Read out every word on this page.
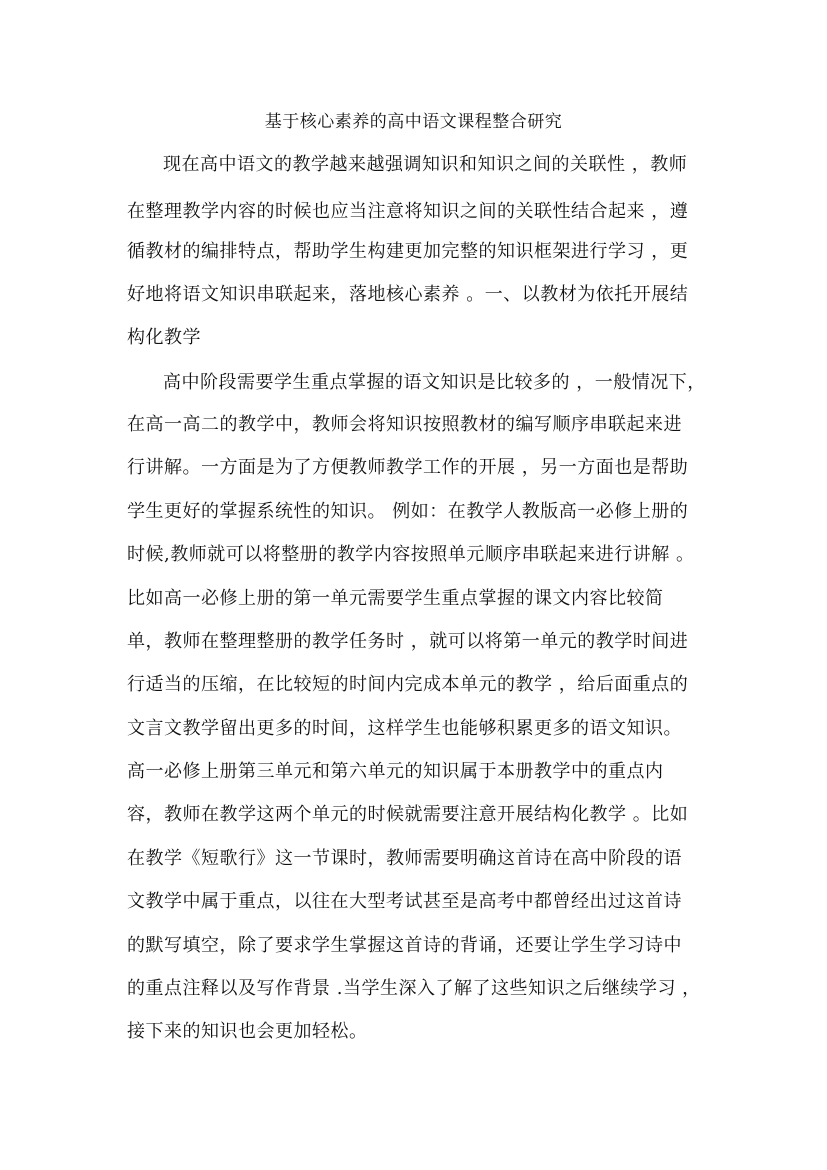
基于核心素养的高中语文课程整合研究
现在高中语文的教学越来越强调知识和知识之间的关联性 ，教师
在整理教学内容的时候也应当注意将知识之间的关联性结合起来 ，遵
循教材的编排特点，帮助学生构建更加完整的知识框架进行学习 ，更
好地将语文知识串联起来，落地核心素养 。一、以教材为依托开展结
构化教学
高中阶段需要学生重点掌握的语文知识是比较多的 ，一般情况下，
在高一高二的教学中，教师会将知识按照教材的编写顺序串联起来进
行讲解。一方面是为了方便教师教学工作的开展 ，另一方面也是帮助
学生更好的掌握系统性的知识。 例如：在教学人教版高一必修上册的
时候,教师就可以将整册的教学内容按照单元顺序串联起来进行讲解 。
比如高一必修上册的第一单元需要学生重点掌握的课文内容比较简
单，教师在整理整册的教学任务时 ，就可以将第一单元的教学时间进
行适当的压缩，在比较短的时间内完成本单元的教学 ，给后面重点的
文言文教学留出更多的时间，这样学生也能够积累更多的语文知识。
高一必修上册第三单元和第六单元的知识属于本册教学中的重点内
容，教师在教学这两个单元的时候就需要注意开展结构化教学 。比如
在教学《短歌行》这一节课时，教师需要明确这首诗在高中阶段的语
文教学中属于重点，以往在大型考试甚至是高考中都曾经出过这首诗
的默写填空，除了要求学生掌握这首诗的背诵，还要让学生学习诗中
的重点注释以及写作背景 .当学生深入了解了这些知识之后继续学习 ，
接下来的知识也会更加轻松。
